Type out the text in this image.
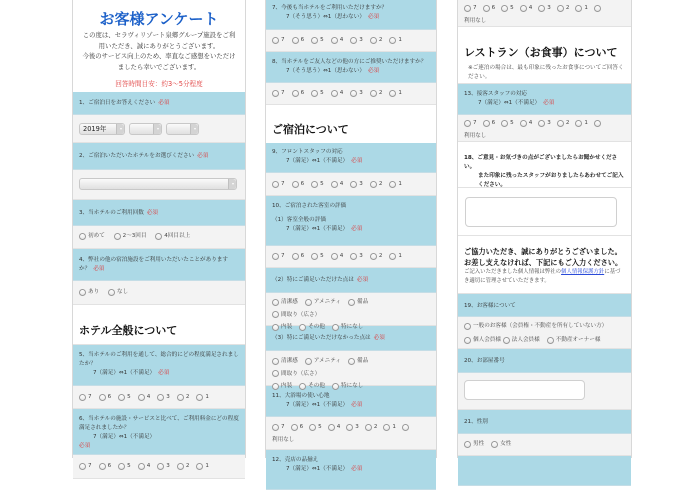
お客様アンケート
この度は、セラヴィリゾート泉郷グループ施設をご利
用いただき、誠にありがとうございます。
今後のサービス向上のため、率直なご感想をいただけ
ましたら幸いでございます。
回答時間目安：約3〜5分程度
1、ご宿泊日をお答えください 必須
2019年
2、ご宿泊いただいたホテルをお選びください 必須
3、当ホテルのご利用回数 必須
初めて
	2〜3回目
	4回目以上
4、弊社の他の宿泊施設をご利用いただいたことがありますか？ 必須
あり
	なし
ホテル全般について
5、当ホテルのご利用を通して、総合的にどの程度満足されましたか？
7（満足）⇔1（不満足） 必須
7	6	5	4	3	2	1
6、当ホテルの施設・サービスと比べて、ご利用料金にどの程度満足されましたか？
7（満足）⇔1（不満足）
必須
7	6	5	4	3	2	1
7、今後も当ホテルをご利用いただけますか？
7（そう思う）⇔1（思わない） 必須
7	6	5	4	3	2	1
8、当ホテルをご友人などの他の方にご推奨いただけますか？
7（そう思う）⇔1（思わない） 必須
7	6	5	4	3	2	1
ご宿泊について
9、フロントスタッフの対応
7（満足）⇔1（不満足） 必須
7	6	5	4	3	2	1
10、ご宿泊された客室の評価
（1）客室全般の評価
7（満足）⇔1（不満足） 必須
7	6	5	4	3	2	1
（2）特にご満足いただけた点は 必須
清潔感	アメニティ	備品
間取り（広さ）

内装	その他	特になし
（3）特にご満足いただけなかった点は 必須
清潔感	アメニティ	備品
間取り（広さ）

内装	その他	特になし
11、大浴場の使い心地
7（満足）⇔1（不満足） 必須
7	6	5	4	3	2	1

利用なし
12、売店の品揃え
7（満足）⇔1（不満足） 必須
7	6	5	4	3	2	1

利用なし
レストラン（お食事）について
※ご連泊の場合は、最も印象に残ったお食事についてご回答ください。
13、接客スタッフの対応
7（満足）⇔1（不満足） 必須
7	6	5	4	3	2	1

利用なし
18、ご意見・お気づきの点がございましたらお聞かせください。
また印象に残ったスタッフがおりましたらあわせてご記入ください。
ご協力いただき、誠にありがとうございました。
お差し支えなければ、下記にもご入力ください。
ご記入いただきました個人情報は弊社の個人情報保護方針に基づき適切に管理させていただきます。
19、お客様について
一般のお客様（会員権・不動産を所有していない方）
個人会員様
法人会員様	不動産オーナー様
20、お部屋番号
21、性別
男性	女性
